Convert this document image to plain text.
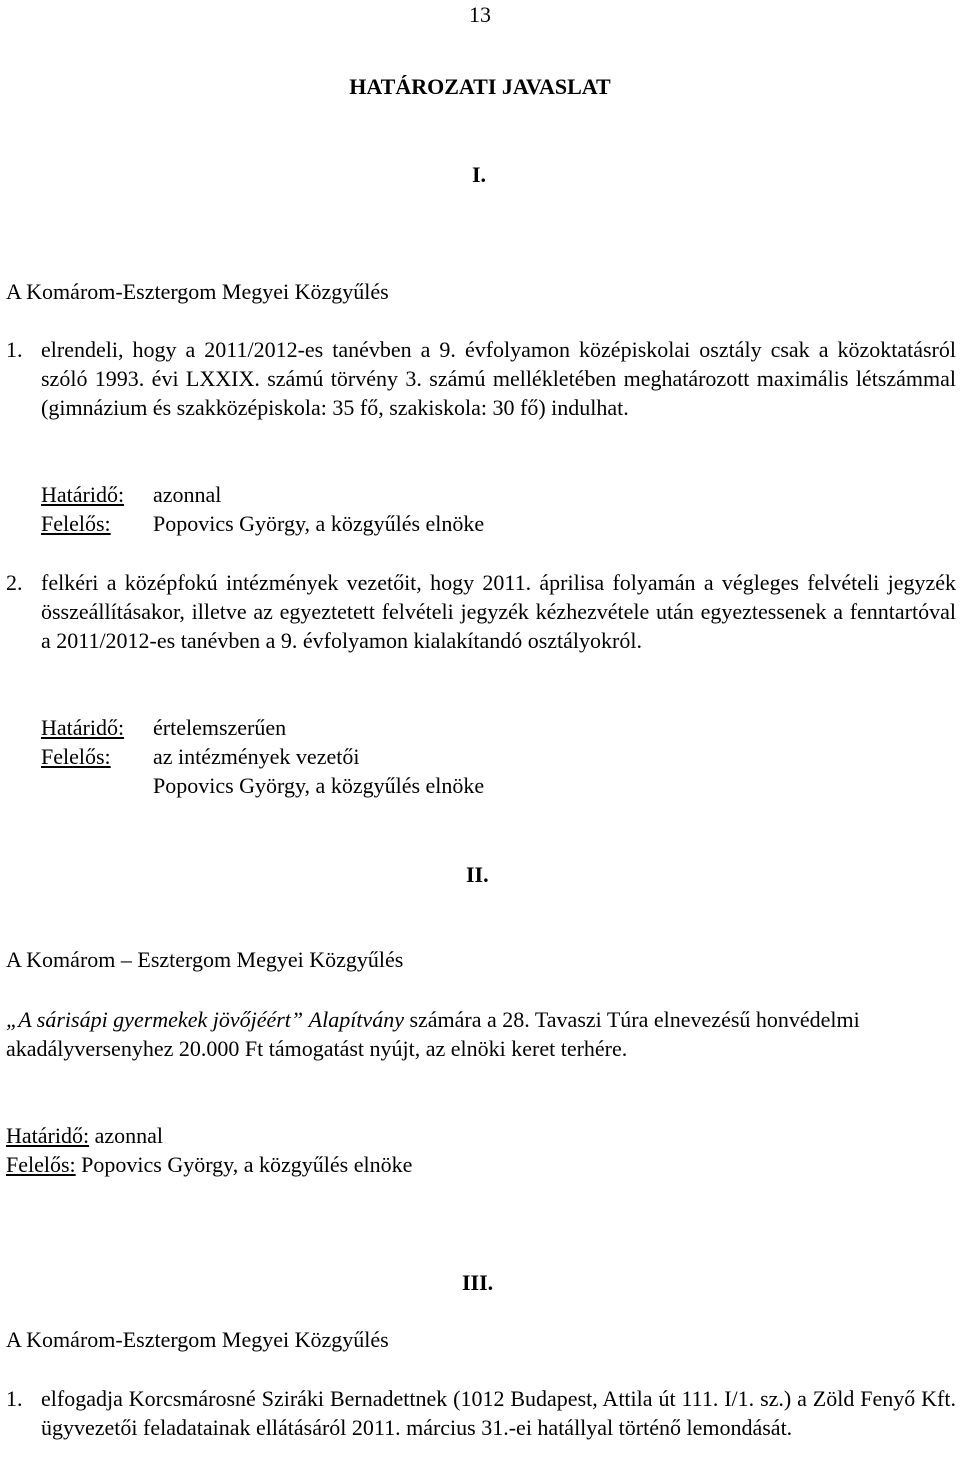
13
HATÁROZATI JAVASLAT
I.
A Komárom-Esztergom Megyei Közgyűlés
1. elrendeli, hogy a 2011/2012-es tanévben a 9. évfolyamon középiskolai osztály csak a közoktatásról szóló 1993. évi LXXIX. számú törvény 3. számú mellékletében meghatározott maximális létszámmal (gimnázium és szakközépiskola: 35 fő, szakiskola: 30 fő) indulhat.
Határidő: azonnal
Felelős: Popovics György, a közgyűlés elnöke
2. felkéri a középfokú intézmények vezetőit, hogy 2011. áprilisa folyamán a végleges felvételi jegyzék összeállításakor, illetve az egyeztetett felvételi jegyzék kézhezvétele után egyeztessenek a fenntartóval a 2011/2012-es tanévben a 9. évfolyamon kialakítandó osztályokról.
Határidő: értelemszerűen
Felelős: az intézmények vezetői
Popovics György, a közgyűlés elnöke
II.
A Komárom – Esztergom Megyei Közgyűlés
„A sárisápi gyermekek jövőjéért” Alapítvány számára a 28. Tavaszi Túra elnevezésű honvédelmi akadályversenyhez 20.000 Ft támogatást nyújt, az elnöki keret terhére.
Határidő: azonnal
Felelős: Popovics György, a közgyűlés elnöke
III.
A Komárom-Esztergom Megyei Közgyűlés
1. elfogadja Korcsmárosné Sziráki Bernadettnek (1012 Budapest, Attila út 111. I/1. sz.) a Zöld Fenyő Kft. ügyvezetői feladatainak ellátásáról 2011. március 31.-ei hatállyal történő lemondását.
